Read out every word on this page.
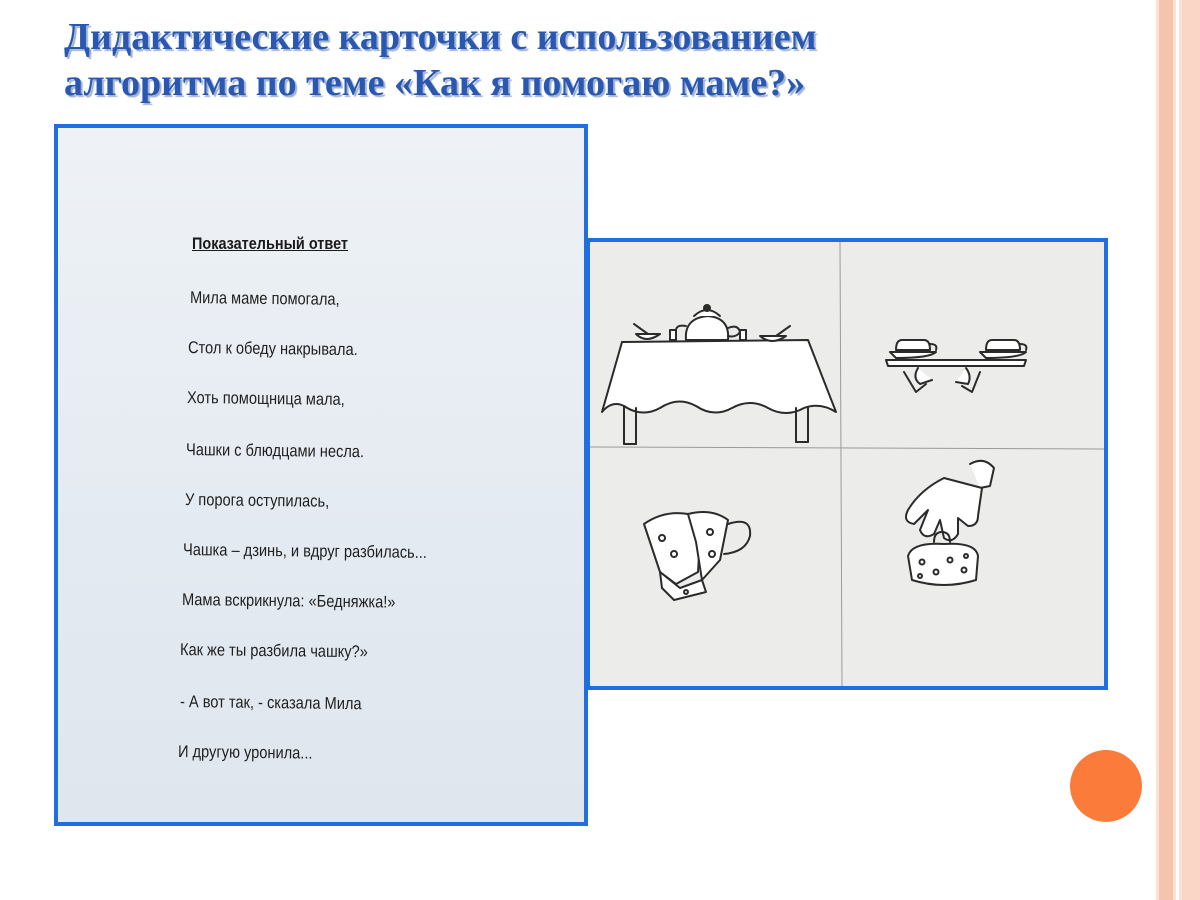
Дидактические карточки с использованием
алгоритма по теме «Как я помогаю маме?»
Показательный ответ
Мила маме помогала,
Стол к обеду накрывала.
Хоть помощница мала,
Чашки с блюдцами несла.
У порога оступилась,
Чашка – дзинь, и вдруг разбилась...
Мама вскрикнула: «Бедняжка!»
Как же ты разбила чашку?»
- А вот так, - сказала Мила
И другую уронила...
